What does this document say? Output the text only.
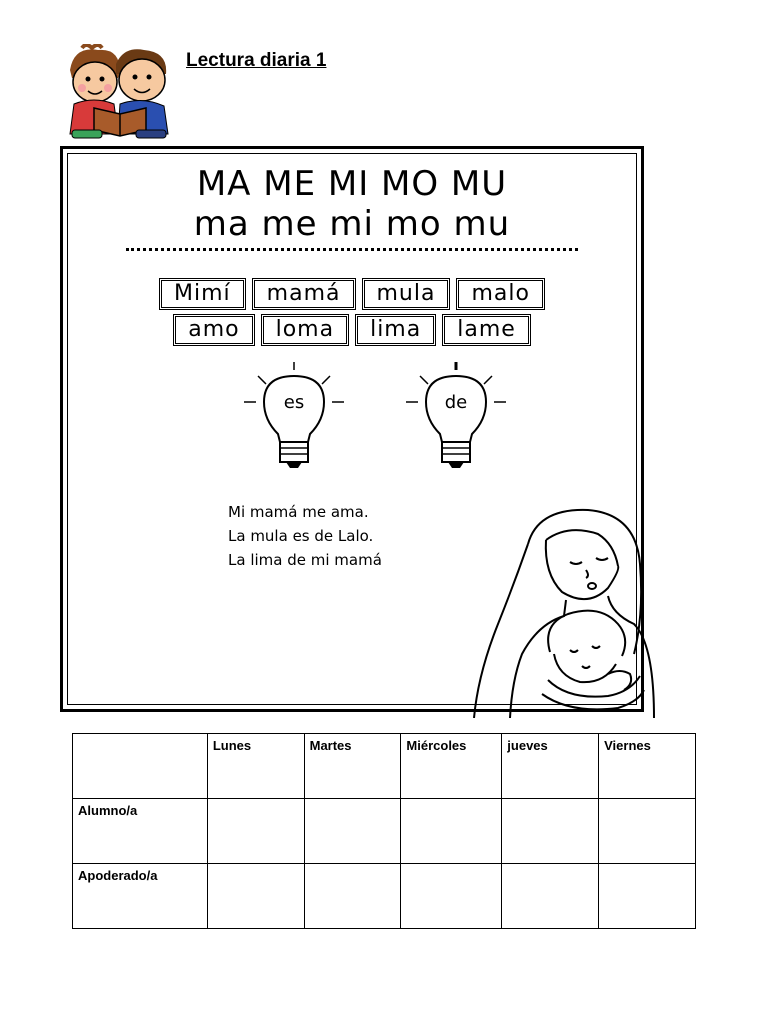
Lectura diaria 1
MA ME MI MO MU
ma me mi mo mu
Mimí	mamá	mula	malo
amo	loma	lima	lame
es	de
Mi mamá me ama.
La mula es de Lalo.
La lima de mi mamá
	Lunes	Martes	Miércoles	jueves	Viernes
Alumno/a					
Apoderado/a					
